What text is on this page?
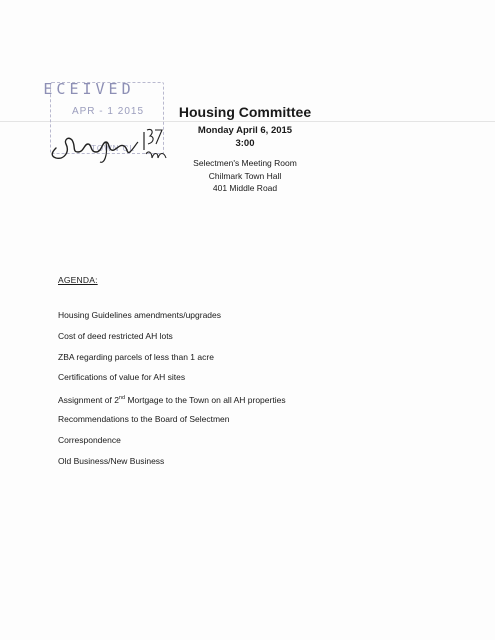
ECEIVED
APR - 1 2015
TOWN CL
Housing Committee
Monday April 6, 2015
3:00
Selectmen's Meeting Room
Chilmark Town Hall
401 Middle Road
AGENDA:
Housing Guidelines amendments/upgrades
Cost of deed restricted AH lots
ZBA regarding parcels of less than 1 acre
Certifications of value for AH sites
Assignment of 2nd Mortgage to the Town on all AH properties
Recommendations to the Board of Selectmen
Correspondence
Old Business/New Business
